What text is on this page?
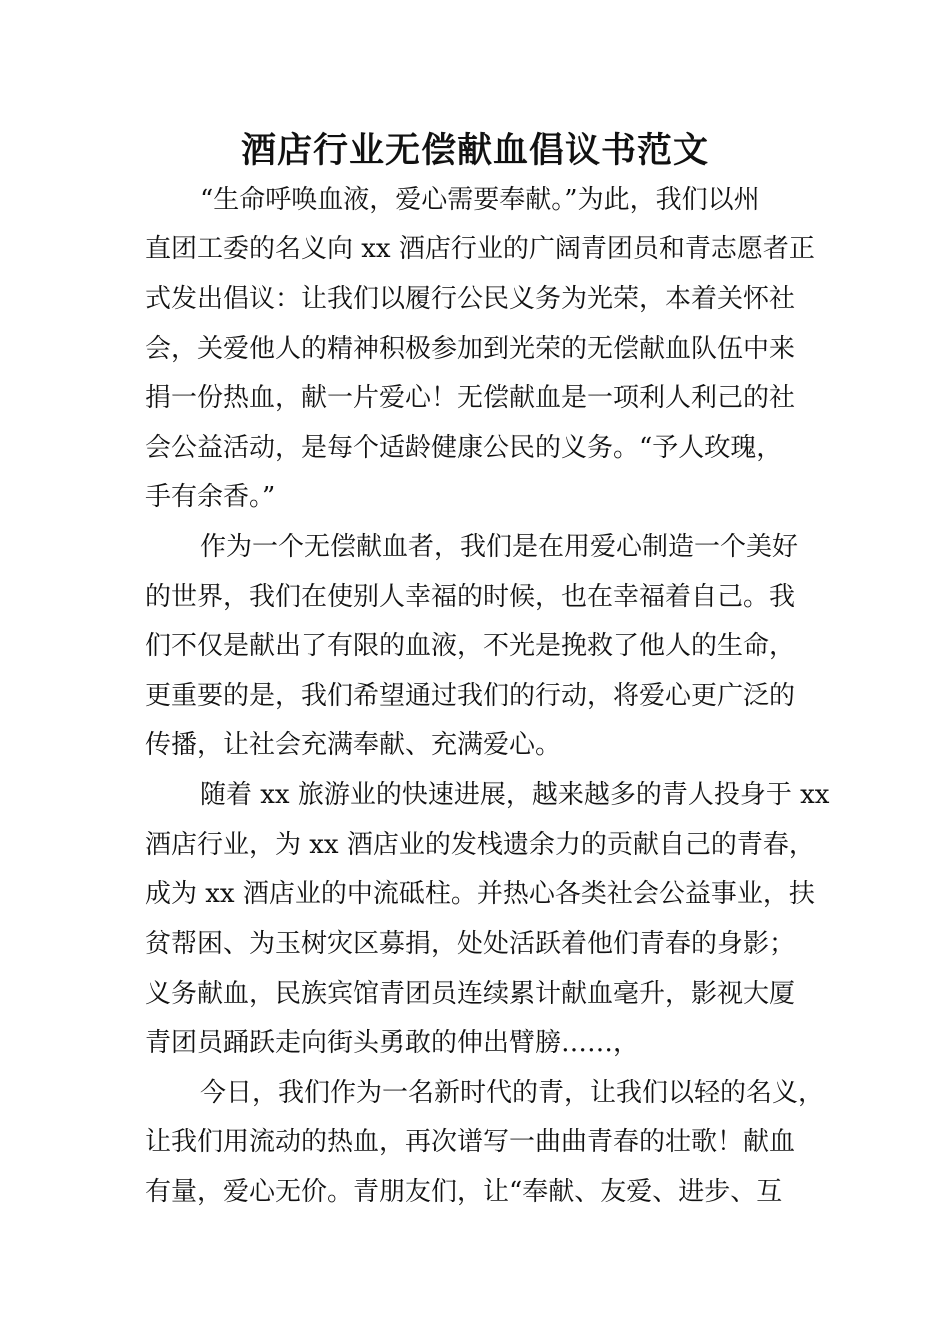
酒店行业无偿献血倡议书范文

“生命呼唤血液，爱心需要奉献。”为此，我们以州

直团工委的名义向 xx 酒店行业的广阔青团员和青志愿者正

式发出倡议：让我们以履行公民义务为光荣，本着关怀社

会，关爱他人的精神积极参加到光荣的无偿献血队伍中来

捐一份热血，献一片爱心！无偿献血是一项利人利己的社

会公益活动，是每个适龄健康公民的义务。“予人玫瑰，

手有余香。”

作为一个无偿献血者，我们是在用爱心制造一个美好

的世界，我们在使别人幸福的时候，也在幸福着自己。我

们不仅是献出了有限的血液，不光是挽救了他人的生命，

更重要的是，我们希望通过我们的行动，将爱心更广泛的

传播，让社会充满奉献、充满爱心。

随着 xx 旅游业的快速进展，越来越多的青人投身于 xx

酒店行业，为 xx 酒店业的发栈遗余力的贡献自己的青春，

成为 xx 酒店业的中流砥柱。并热心各类社会公益事业，扶

贫帮困、为玉树灾区募捐，处处活跃着他们青春的身影；

义务献血，民族宾馆青团员连续累计献血毫升，影视大厦

青团员踊跃走向街头勇敢的伸出臂膀……，

今日，我们作为一名新时代的青，让我们以轻的名义，

让我们用流动的热血，再次谱写一曲曲青春的壮歌！献血

有量，爱心无价。青朋友们，让“奉献、友爱、进步、互
